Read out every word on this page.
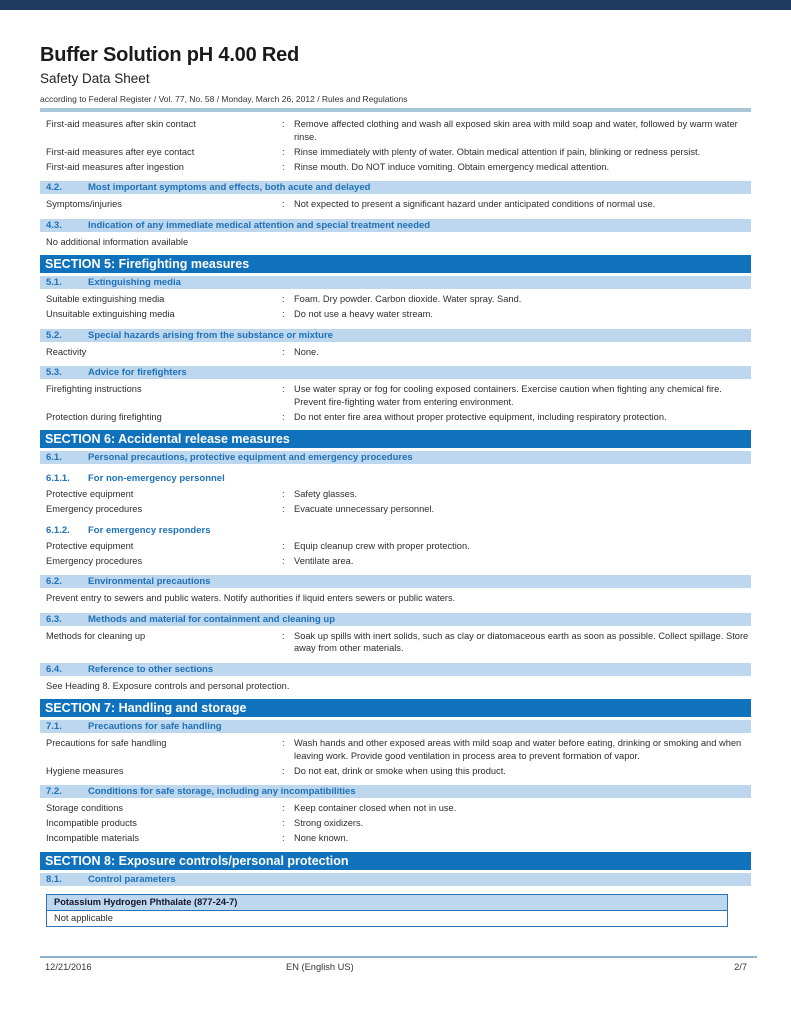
Buffer Solution pH 4.00 Red
Safety Data Sheet
according to Federal Register / Vol. 77, No. 58 / Monday, March 26, 2012 / Rules and Regulations
First-aid measures after skin contact	:	Remove affected clothing and wash all exposed skin area with mild soap and water, followed by warm water rinse.
First-aid measures after eye contact	:	Rinse immediately with plenty of water. Obtain medical attention if pain, blinking or redness persist.
First-aid measures after ingestion	:	Rinse mouth. Do NOT induce vomiting. Obtain emergency medical attention.
4.2.	Most important symptoms and effects, both acute and delayed
Symptoms/injuries	:	Not expected to present a significant hazard under anticipated conditions of normal use.
4.3.	Indication of any immediate medical attention and special treatment needed
No additional information available
SECTION 5: Firefighting measures
5.1.	Extinguishing media
Suitable extinguishing media	:	Foam. Dry powder. Carbon dioxide. Water spray. Sand.
Unsuitable extinguishing media	:	Do not use a heavy water stream.
5.2.	Special hazards arising from the substance or mixture
Reactivity	:	None.
5.3.	Advice for firefighters
Firefighting instructions	:	Use water spray or fog for cooling exposed containers. Exercise caution when fighting any chemical fire. Prevent fire-fighting water from entering environment.
Protection during firefighting	:	Do not enter fire area without proper protective equipment, including respiratory protection.
SECTION 6: Accidental release measures
6.1.	Personal precautions, protective equipment and emergency procedures
6.1.1.	For non-emergency personnel
Protective equipment	:	Safety glasses.
Emergency procedures	:	Evacuate unnecessary personnel.
6.1.2.	For emergency responders
Protective equipment	:	Equip cleanup crew with proper protection.
Emergency procedures	:	Ventilate area.
6.2.	Environmental precautions
Prevent entry to sewers and public waters. Notify authorities if liquid enters sewers or public waters.
6.3.	Methods and material for containment and cleaning up
Methods for cleaning up	:	Soak up spills with inert solids, such as clay or diatomaceous earth as soon as possible. Collect spillage. Store away from other materials.
6.4.	Reference to other sections
See Heading 8. Exposure controls and personal protection.
SECTION 7: Handling and storage
7.1.	Precautions for safe handling
Precautions for safe handling	:	Wash hands and other exposed areas with mild soap and water before eating, drinking or smoking and when leaving work. Provide good ventilation in process area to prevent formation of vapor.
Hygiene measures	:	Do not eat, drink or smoke when using this product.
7.2.	Conditions for safe storage, including any incompatibilities
Storage conditions	:	Keep container closed when not in use.
Incompatible products	:	Strong oxidizers.
Incompatible materials	:	None known.
SECTION 8: Exposure controls/personal protection
8.1.	Control parameters
Potassium Hydrogen Phthalate (877-24-7)
Not applicable
12/21/2016	EN (English US)	2/7
